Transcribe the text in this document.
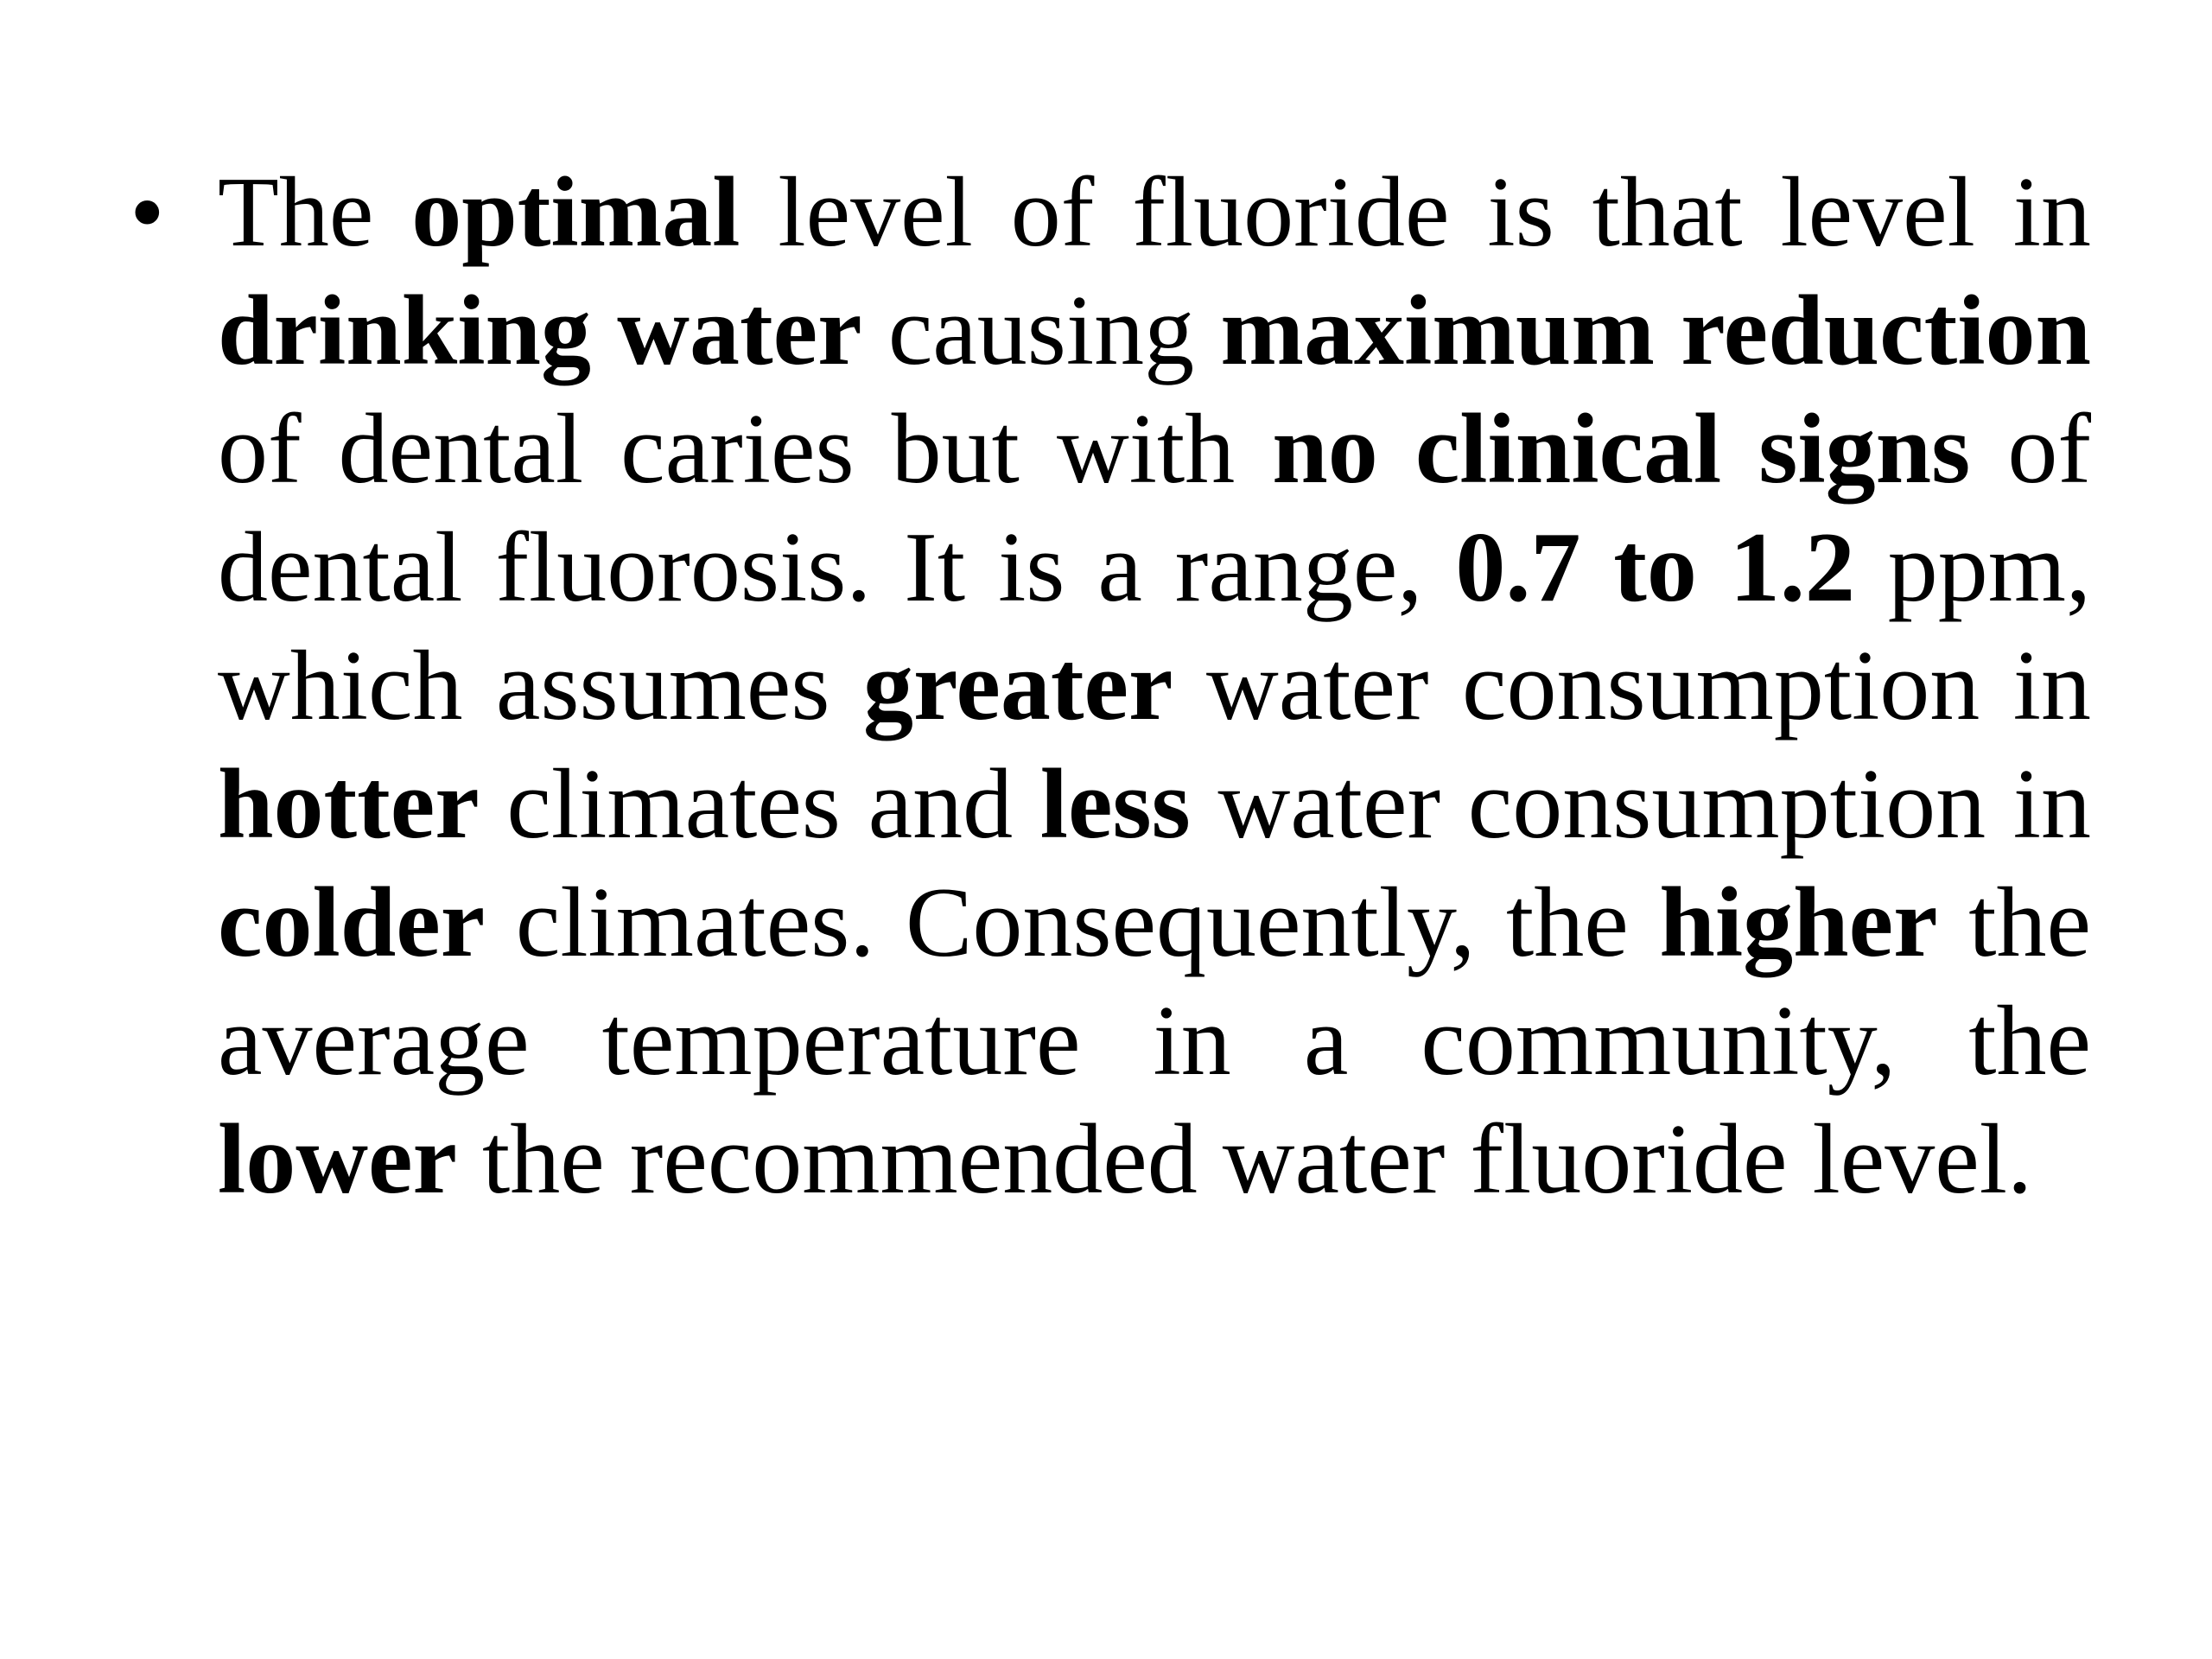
• The optimal level of fluoride is that level in drinking water causing maximum reduction of dental caries but with no clinical signs of dental fluorosis. It is a range, 0.7 to 1.2 ppm, which assumes greater water consumption in hotter climates and less water consumption in colder climates. Consequently, the higher the average temperature in a community, the lower the recommended water fluoride level.
